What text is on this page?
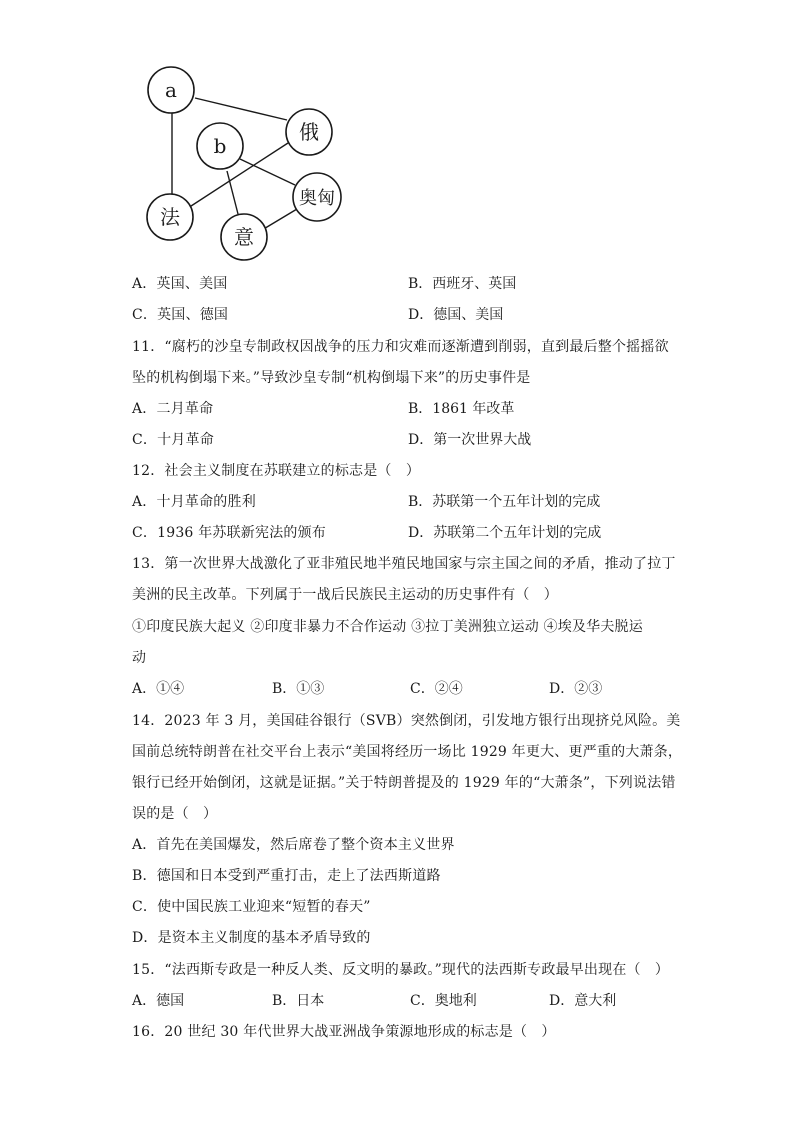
a
b
俄
奥匈
法
意
A．英国、美国	B．西班牙、英国
C．英国、德国	D．德国、美国
11．“腐朽的沙皇专制政权因战争的压力和灾难而逐渐遭到削弱，直到最后整个摇摇欲
坠的机构倒塌下来。”导致沙皇专制“机构倒塌下来”的历史事件是
A．二月革命	B．1861 年改革
C．十月革命	D．第一次世界大战
12．社会主义制度在苏联建立的标志是（　）
A．十月革命的胜利	B．苏联第一个五年计划的完成
C．1936 年苏联新宪法的颁布	D．苏联第二个五年计划的完成
13．第一次世界大战激化了亚非殖民地半殖民地国家与宗主国之间的矛盾，推动了拉丁
美洲的民主改革。下列属于一战后民族民主运动的历史事件有（　）
①印度民族大起义 ②印度非暴力不合作运动 ③拉丁美洲独立运动 ④埃及华夫脱运
动
A．①④	B．①③	C．②④	D．②③
14．2023 年 3 月，美国硅谷银行（SVB）突然倒闭，引发地方银行出现挤兑风险。美
国前总统特朗普在社交平台上表示“美国将经历一场比 1929 年更大、更严重的大萧条，
银行已经开始倒闭，这就是证据。”关于特朗普提及的 1929 年的“大萧条”，下列说法错
误的是（　）
A．首先在美国爆发，然后席卷了整个资本主义世界
B．德国和日本受到严重打击，走上了法西斯道路
C．使中国民族工业迎来“短暂的春天”
D．是资本主义制度的基本矛盾导致的
15．“法西斯专政是一种反人类、反文明的暴政。”现代的法西斯专政最早出现在（　）
A．德国	B．日本	C．奥地利	D．意大利
16．20 世纪 30 年代世界大战亚洲战争策源地形成的标志是（　）
